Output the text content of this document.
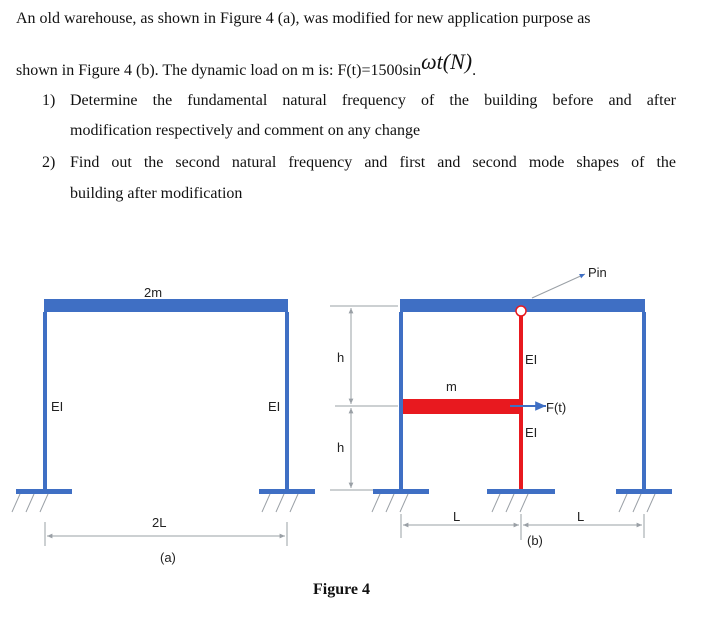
An old warehouse, as shown in Figure 4 (a), was modified for new application purpose as
shown in Figure 4 (b). The dynamic load on m is: F(t)=1500sinωt(N).
1) Determine the fundamental natural frequency of the building before and after
modification respectively and comment on any change
2) Find out the second natural frequency and first and second mode shapes of the
building after modification
2m
EI	EI
2L
(a)
h
h
m
EI
EI
F(t)
Pin
L	L
(b)
Figure 4
